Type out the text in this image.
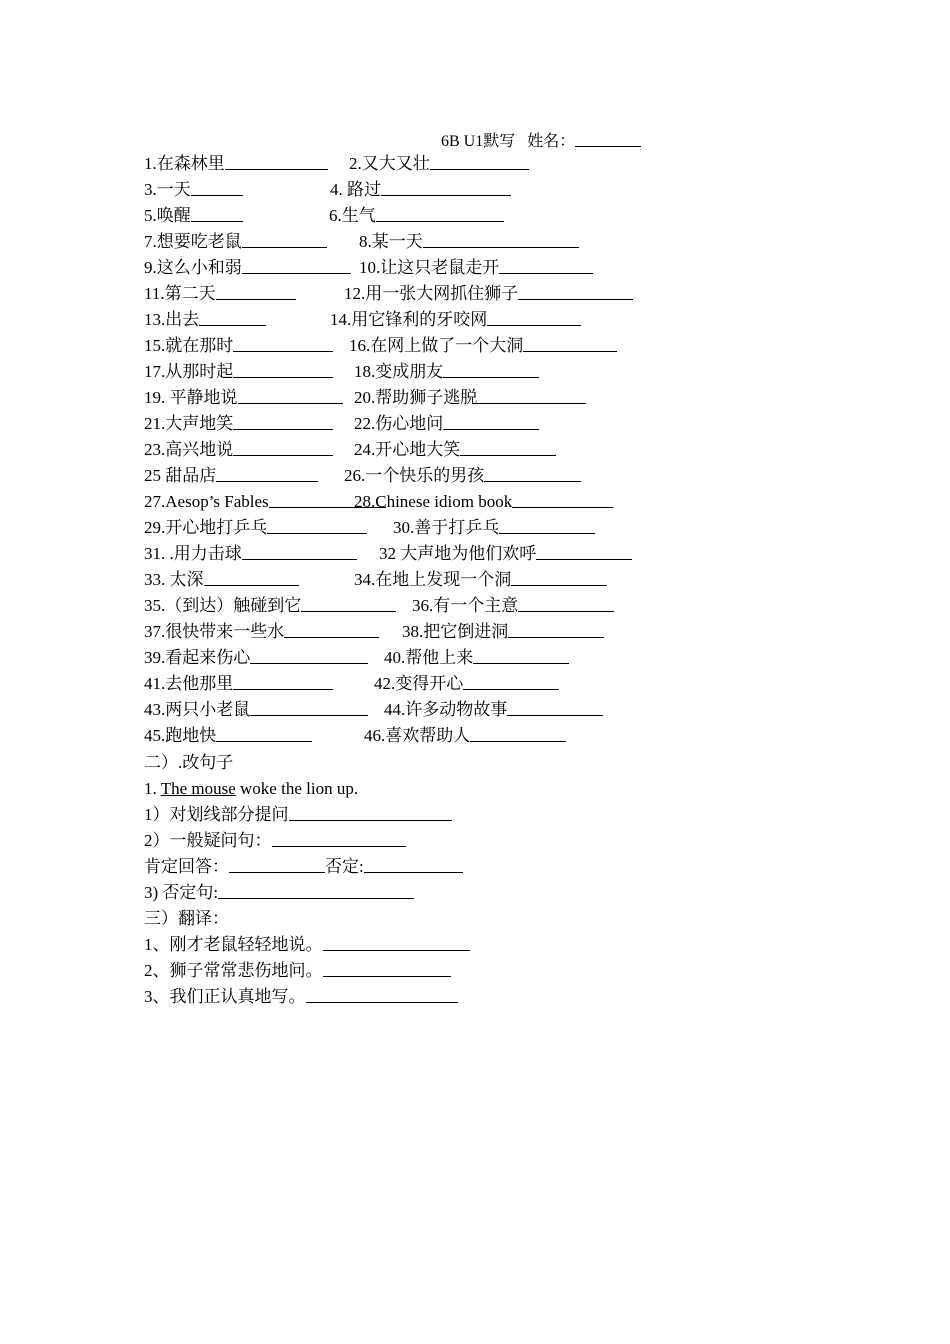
6B U1默写 姓名：
1.在森林里	2.又大又壮
3.一天	4. 路过
5.唤醒	6.生气
7.想要吃老鼠	8.某一天
9.这么小和弱	10.让这只老鼠走开
11.第二天	12.用一张大网抓住狮子
13.出去	14.用它锋利的牙咬网
15.就在那时	16.在网上做了一个大洞
17.从那时起	18.变成朋友
19. 平静地说	20.帮助狮子逃脱
21.大声地笑	22.伤心地问
23.高兴地说	24.开心地大笑
25 甜品店	26.一个快乐的男孩
27.Aesop’s Fables	28.Chinese idiom book
29.开心地打乒乓	30.善于打乒乓
31. .用力击球	32 大声地为他们欢呼
33. 太深	34.在地上发现一个洞
35.（到达）触碰到它	36.有一个主意
37.很快带来一些水	38.把它倒进洞
39.看起来伤心	40.帮他上来
41.去他那里	42.变得开心
43.两只小老鼠	44.许多动物故事
45.跑地快	46.喜欢帮助人
二）.改句子
1. The mouse woke the lion up.
1）对划线部分提问
2）一般疑问句：
肯定回答：	否定:
3) 否定句:
三）翻译：
1、刚才老鼠轻轻地说。
2、狮子常常悲伤地问。
3、我们正认真地写。
